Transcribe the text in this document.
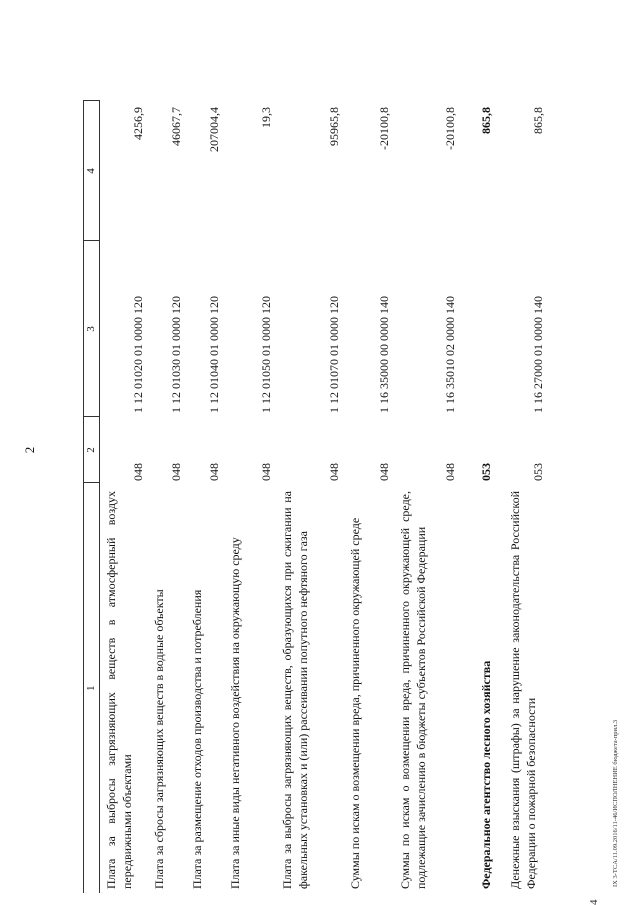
2
IX 3-TCA/11.09.2016/11-46/ИСПОЛНЕНИЕ бюджета-прил.3
4
1	2	3	4
Плата за выбросы загрязняющих веществ в атмосферный воздух передвижными объектами	048	1 12 01020 01 0000 120	4256,9
Плата за сбросы загрязняющих веществ в водные объекты	048	1 12 01030 01 0000 120	46067,7
Плата за размещение отходов производства и потребления	048	1 12 01040 01 0000 120	207004,4
Плата за иные виды негативного воздействия на окружающую среду	048	1 12 01050 01 0000 120	19,3
Плата за выбросы загрязняющих веществ, образующихся при сжигании на факельных установках и (или) рассеивании попутного нефтяного газа	048	1 12 01070 01 0000 120	95965,8
Суммы по искам о возмещении вреда, причиненного окружающей среде	048	1 16 35000 00 0000 140	-20100,8
Суммы по искам о возмещении вреда, причиненного окружающей среде, подлежащие зачислению в бюджеты субъектов Российской Федерации	048	1 16 35010 02 0000 140	-20100,8
Федеральное агентство лесного хозяйства	053		865,8
Денежные взыскания (штрафы) за нарушение законодательства Российской Федерации о пожарной безопасности	053	1 16 27000 01 0000 140	865,8
